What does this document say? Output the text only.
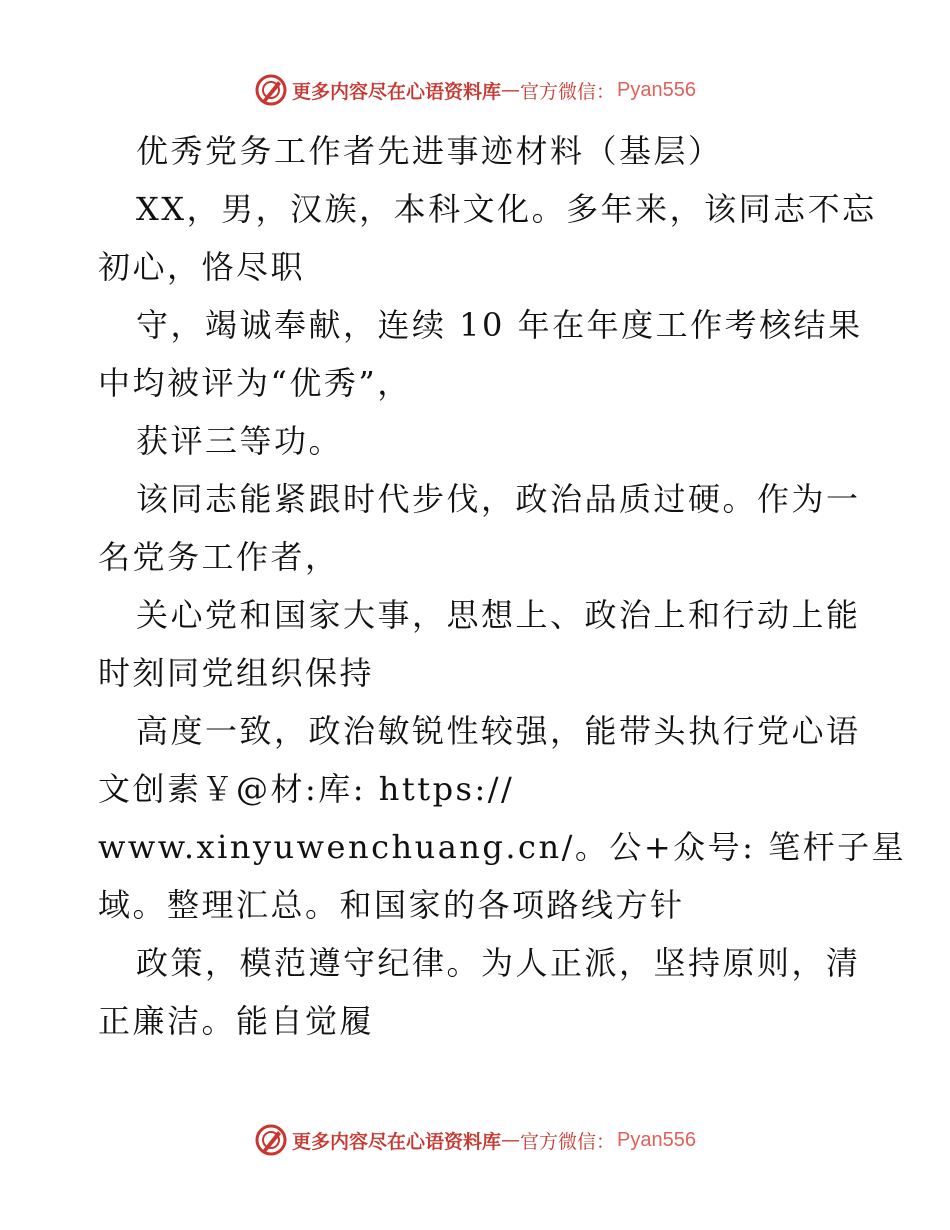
更多内容尽在心语资料库 — 官方微信： Pyan556
优秀党务工作者先进事迹材料（基层）
XX，男，汉族，本科文化。多年来，该同志不忘
初心，恪尽职
守，竭诚奉献，连续 10 年在年度工作考核结果
中均被评为“优秀”，
获评三等功。
该同志能紧跟时代步伐，政治品质过硬。作为一
名党务工作者，
关心党和国家大事，思想上、政治上和行动上能
时刻同党组织保持
高度一致，政治敏锐性较强，能带头执行党心语
文创素￥@材:库: https://
www.xinyuwenchuang.cn/。公+众号: 笔杆子星
域。整理汇总。和国家的各项路线方针
政策，模范遵守纪律。为人正派，坚持原则，清
正廉洁。能自觉履
更多内容尽在心语资料库 — 官方微信： Pyan556
